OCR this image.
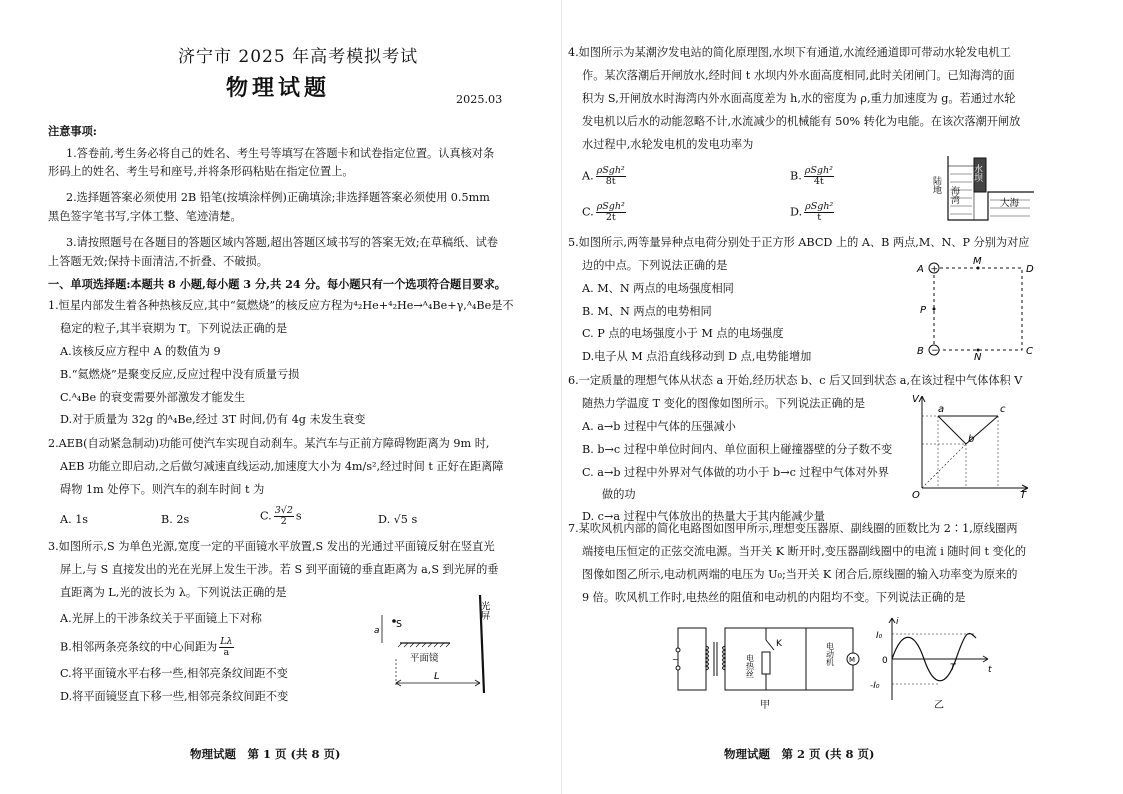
济宁市 2025 年高考模拟考试
物理试题	2025.03
注意事项:
1.答卷前,考生务必将自己的姓名、考生号等填写在答题卡和试卷指定位置。认真核对条
形码上的姓名、考生号和座号,并将条形码粘贴在指定位置上。
2.选择题答案必须使用 2B 铅笔(按填涂样例)正确填涂;非选择题答案必须使用 0.5mm
黑色签字笔书写,字体工整、笔迹清楚。
3.请按照题号在各题目的答题区域内答题,超出答题区域书写的答案无效;在草稿纸、试卷
上答题无效;保持卡面清洁,不折叠、不破损。
一、单项选择题:本题共 8 小题,每小题 3 分,共 24 分。每小题只有一个选项符合题目要求。
1.恒星内部发生着各种热核反应,其中“氦燃烧”的核反应方程为⁴₂He+⁴₂He→ᴬ₄Be+γ,ᴬ₄Be是不
稳定的粒子,其半衰期为 T。下列说法正确的是
A.该核反应方程中 A 的数值为 9
B.“氦燃烧”是聚变反应,反应过程中没有质量亏损
C.ᴬ₄Be 的衰变需要外部激发才能发生
D.对于质量为 32g 的ᴬ₄Be,经过 3T 时间,仍有 4g 未发生衰变
2.AEB(自动紧急制动)功能可使汽车实现自动刹车。某汽车与正前方障碍物距离为 9m 时,
AEB 功能立即启动,之后做匀减速直线运动,加速度大小为 4m/s²,经过时间 t 正好在距离障
碍物 1m 处停下。则汽车的刹车时间 t 为
A. 1s	B. 2s	C. $\frac{3√2}{2}$ s	D. √5 s
3.如图所示,S 为单色光源,宽度一定的平面镜水平放置,S 发出的光通过平面镜反射在竖直光
屏上,与 S 直接发出的光在光屏上发生干涉。若 S 到平面镜的垂直距离为 a,S 到光屏的垂
直距离为 L,光的波长为 λ。下列说法正确的是
A.光屏上的干涉条纹关于平面镜上下对称
B.相邻两条亮条纹的中心间距为 $\frac{L\lambda}{a}$
C.将平面镜水平右移一些,相邻亮条纹间距不变
D.将平面镜竖直下移一些,相邻亮条纹间距不变
光屏
S
a
平面镜
L
物理试题　第 1 页 (共 8 页)
4.如图所示为某潮汐发电站的简化原理图,水坝下有通道,水流经通道即可带动水轮发电机工
作。某次落潮后开闸放水,经时间 t 水坝内外水面高度相同,此时关闭闸门。已知海湾的面
积为 S,开闸放水时海湾内外水面高度差为 h,水的密度为 ρ,重力加速度为 g。若通过水轮
发电机以后水的动能忽略不计,水流减少的机械能有 50% 转化为电能。在该次落潮开闸放
水过程中,水轮发电机的发电功率为
A. $\frac{\text{ρSgh²}}{8t}$	B. $\frac{\text{ρSgh²}}{4t}$
C. $\frac{\text{ρSgh²}}{2t}$	D. $\frac{\text{ρSgh²}}{t}$
陆地
海湾
水坝
大海
5.如图所示,两等量异种点电荷分别处于正方形 ABCD 上的 A、B 两点,M、N、P 分别为对应
边的中点。下列说法正确的是
A. M、N 两点的电场强度相同
B. M、N 两点的电势相同
C. P 点的电场强度小于 M 点的电场强度
D.电子从 M 点沿直线移动到 D 点,电势能增加
+
−
A
M
D
P
B
N
C
6.一定质量的理想气体从状态 a 开始,经历状态 b、c 后又回到状态 a,在该过程中气体体积 V
随热力学温度 T 变化的图像如图所示。下列说法正确的是
A. a→b 过程中气体的压强减小
B. b→c 过程中单位时间内、单位面积上碰撞器壁的分子数不变
C. a→b 过程中外界对气体做的功小于 b→c 过程中气体对外界
做的功
D. c→a 过程中气体放出的热量大于其内能减少量
V
a	c
b
O	T
7.某吹风机内部的简化电路图如图甲所示,理想变压器原、副线圈的匝数比为 2∶1,原线圈两
端接电压恒定的正弦交流电源。当开关 K 断开时,变压器副线圈中的电流 i 随时间 t 变化的
图像如图乙所示,电动机两端的电压为 U₀;当开关 K 闭合后,原线圈的输入功率变为原来的
9 倍。吹风机工作时,电热丝的阻值和电动机的内阻均不变。下列说法正确的是
~
K
电热丝	M
电动机
甲
i
I₀
-I₀
0
T	t
乙
物理试题　第 2 页 (共 8 页)
